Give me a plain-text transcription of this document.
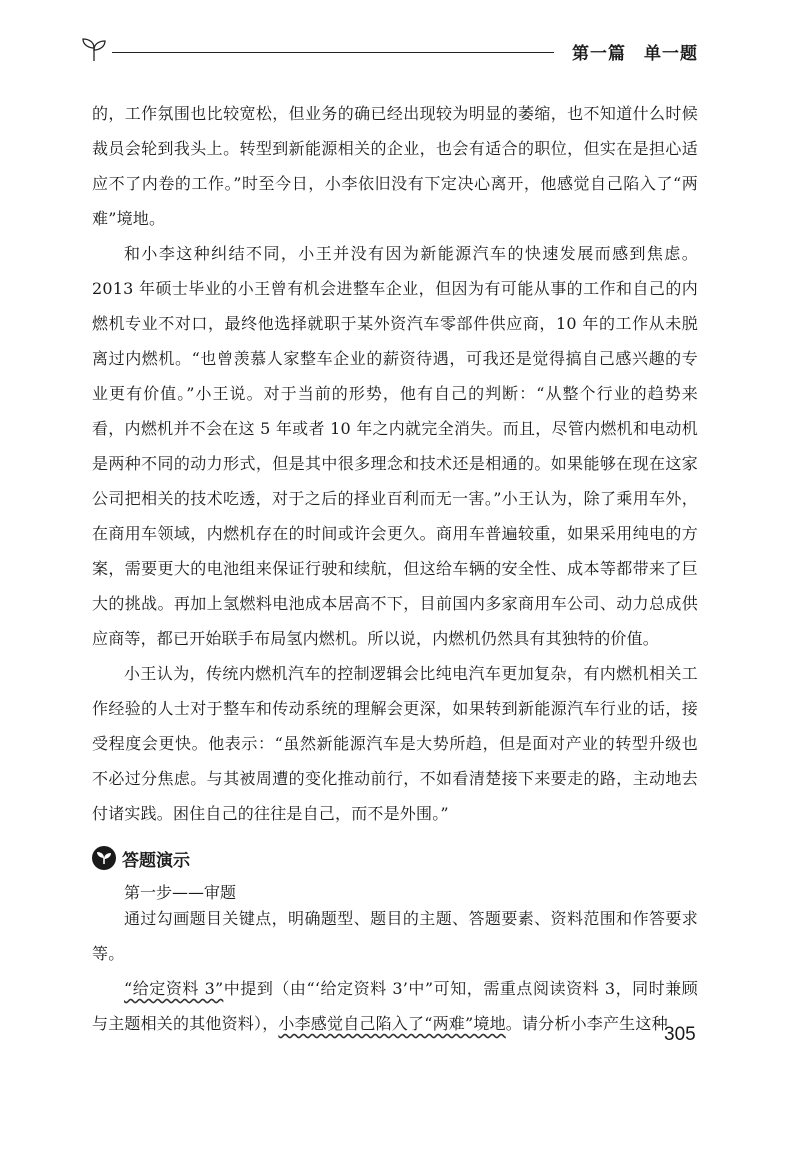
第一篇 单一题

的，工作氛围也比较宽松，但业务的确已经出现较为明显的萎缩，也不知道什么时候裁员会轮到我头上。转型到新能源相关的企业，也会有适合的职位，但实在是担心适应不了内卷的工作。”时至今日，小李依旧没有下定决心离开，他感觉自己陷入了“两难”境地。

和小李这种纠结不同，小王并没有因为新能源汽车的快速发展而感到焦虑。2013 年硕士毕业的小王曾有机会进整车企业，但因为有可能从事的工作和自己的内燃机专业不对口，最终他选择就职于某外资汽车零部件供应商，10 年的工作从未脱离过内燃机。“也曾羡慕人家整车企业的薪资待遇，可我还是觉得搞自己感兴趣的专业更有价值。”小王说。对于当前的形势，他有自己的判断：“从整个行业的趋势来看，内燃机并不会在这 5 年或者 10 年之内就完全消失。而且，尽管内燃机和电动机是两种不同的动力形式，但是其中很多理念和技术还是相通的。如果能够在现在这家公司把相关的技术吃透，对于之后的择业百利而无一害。”小王认为，除了乘用车外，在商用车领域，内燃机存在的时间或许会更久。商用车普遍较重，如果采用纯电的方案，需要更大的电池组来保证行驶和续航，但这给车辆的安全性、成本等都带来了巨大的挑战。再加上氢燃料电池成本居高不下，目前国内多家商用车公司、动力总成供应商等，都已开始联手布局氢内燃机。所以说，内燃机仍然具有其独特的价值。

小王认为，传统内燃机汽车的控制逻辑会比纯电汽车更加复杂，有内燃机相关工作经验的人士对于整车和传动系统的理解会更深，如果转到新能源汽车行业的话，接受程度会更快。他表示：“虽然新能源汽车是大势所趋，但是面对产业的转型升级也不必过分焦虑。与其被周遭的变化推动前行，不如看清楚接下来要走的路，主动地去付诸实践。困住自己的往往是自己，而不是外围。”

答题演示
第一步——审题

通过勾画题目关键点，明确题型、题目的主题、答题要素、资料范围和作答要求等。

“给定资料 3”中提到（由“‘给定资料 3’中”可知，需重点阅读资料 3，同时兼顾与主题相关的其他资料），小李感觉自己陷入了“两难”境地。请分析小李产生这种

305
